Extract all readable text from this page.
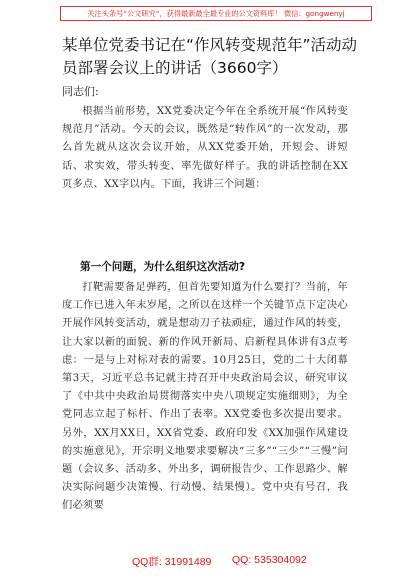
关注头条号“公文研究”，获得最新最全最专业的公文资料库！ 微信：gongwenyj
某单位党委书记在“作风转变规范年”活动动员部署会议上的讲话（3660字）
同志们:

根据当前形势，XX党委决定今年在全系统开展“作风转变规范月”活动。今天的会议，既然是“转作风”的一次发动，那么首先就从这次会议开始，从XX党委开始，开短会、讲短话、求实效，带头转变、率先做好样子。我的讲话控制在XX页多点、XX字以内。下面，我讲三个问题：

第一个问题，为什么组织这次活动?

打靶需要备足弹药，但首先要知道为什么要打？当前，年度工作已进入年末岁尾，之所以在这样一个关键节点下定决心开展作风转变活动，就是想动刀子祛顽症，通过作风的转变，让大家以新的面貌、新的作风开新局、启新程具体讲有3点考虑：一是与上对标对表的需要。10月25日，党的二十大闭幕第3天，习近平总书记就主持召开中央政治局会议，研究审议了《中共中央政治局贯彻落实中央八项规定实施细则》，为全党同志立起了标杆、作出了表率。XX党委也多次提出要求。另外，XX月XX日，XX省党委、政府印发《XX加强作风建设的实施意见》，开宗明义地要求要解决“三多”“三少”“三慢”问题（会议多、活动多、外出多，调研报告少、工作思路少、解决实际问题少决策慢、行动慢、结果慢）。党中央有号召，我们必须要

QQ群: 31991489 QQ: 535304092
